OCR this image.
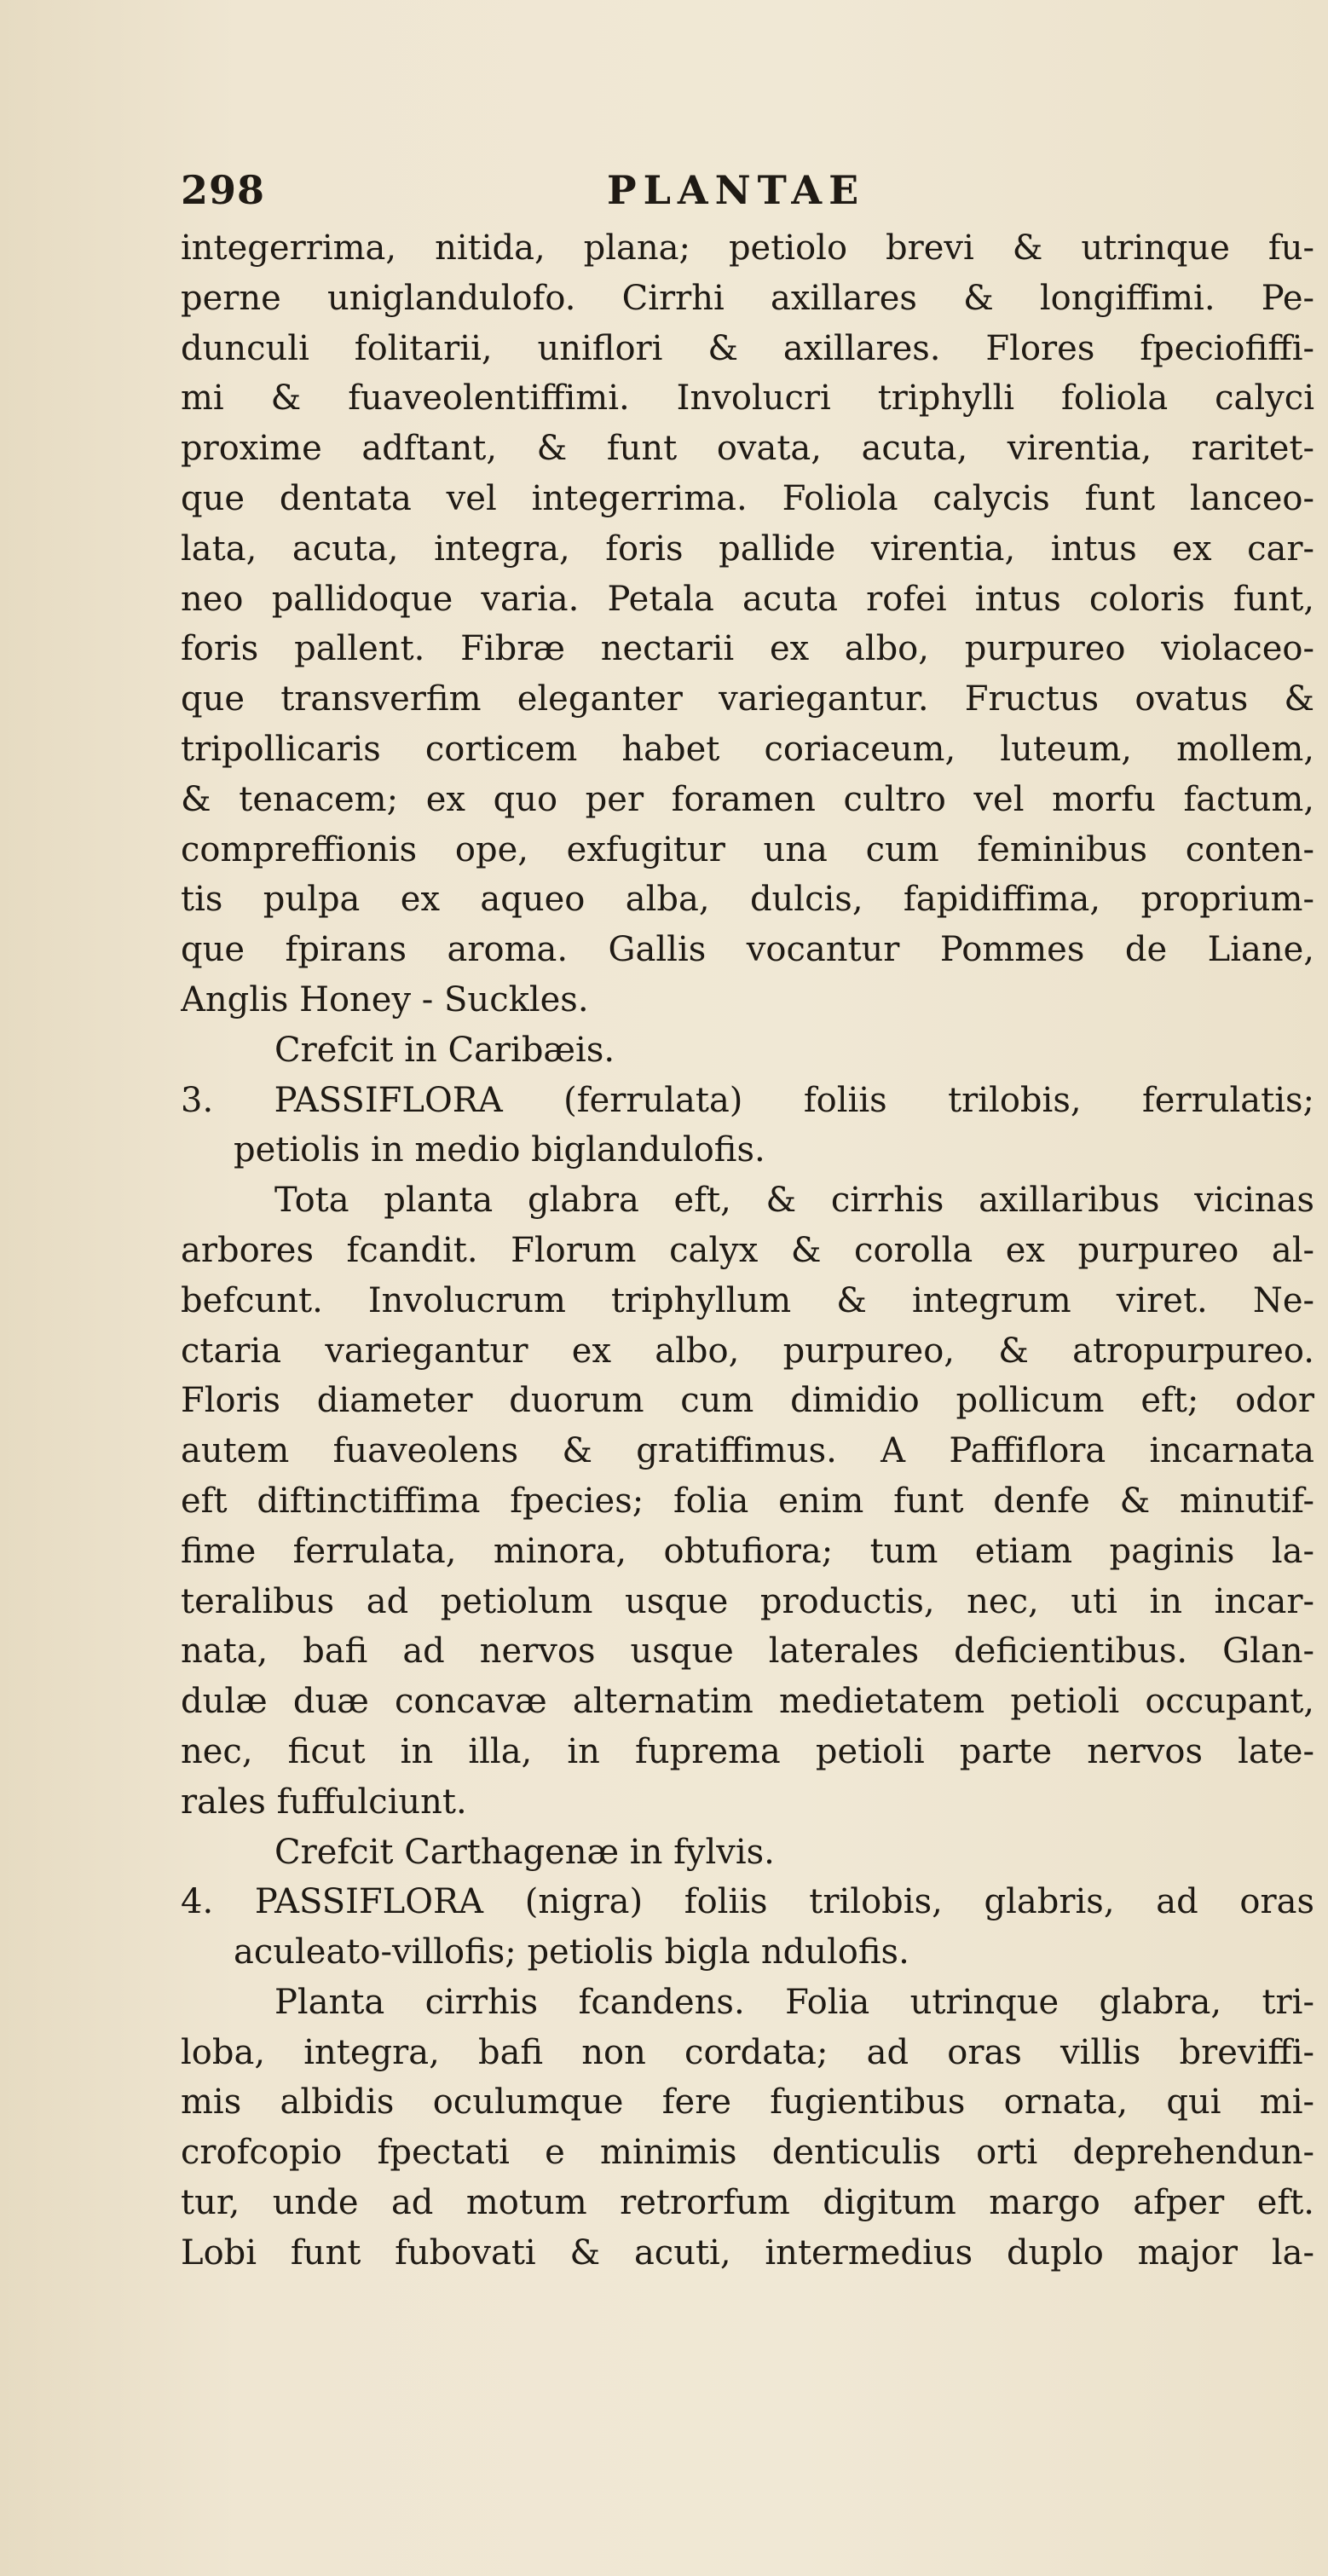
298	PLANTAE
integerrima, nitida, plana; petiolo brevi & utrinque fu-
perne uniglandulofo. Cirrhi axillares & longiffimi. Pe-
dunculi folitarii, uniflori & axillares. Flores fpeciofiffi-
mi & fuaveolentiffimi. Involucri triphylli foliola calyci
proxime adftant, & funt ovata, acuta, virentia, raritet-
que dentata vel integerrima. Foliola calycis funt lanceo-
lata, acuta, integra, foris pallide virentia, intus ex car-
neo pallidoque varia. Petala acuta rofei intus coloris funt,
foris pallent. Fibræ nectarii ex albo, purpureo violaceo-
que transverfim eleganter variegantur. Fructus ovatus &
tripollicaris corticem habet coriaceum, luteum, mollem,
& tenacem; ex quo per foramen cultro vel morfu factum,
compreffionis ope, exfugitur una cum feminibus conten-
tis pulpa ex aqueo alba, dulcis, fapidiffima, proprium-
que fpirans aroma. Gallis vocantur Pommes de Liane,
Anglis Honey - Suckles.
Crefcit in Caribæis.
3. PASSIFLORA (ferrulata) foliis trilobis, ferrulatis;
petiolis in medio biglandulofis.
Tota planta glabra eft, & cirrhis axillaribus vicinas
arbores fcandit. Florum calyx & corolla ex purpureo al-
befcunt. Involucrum triphyllum & integrum viret. Ne-
ctaria variegantur ex albo, purpureo, & atropurpureo.
Floris diameter duorum cum dimidio pollicum eft; odor
autem fuaveolens & gratiffimus. A Paffiflora incarnata
eft diftinctiffima fpecies; folia enim funt denfe & minutif-
fime ferrulata, minora, obtufiora; tum etiam paginis la-
teralibus ad petiolum usque productis, nec, uti in incar-
nata, bafi ad nervos usque laterales deficientibus. Glan-
dulæ duæ concavæ alternatim medietatem petioli occupant,
nec, ficut in illa, in fuprema petioli parte nervos late-
rales fuffulciunt.
Crefcit Carthagenæ in fylvis.
4. PASSIFLORA (nigra) foliis trilobis, glabris, ad oras
aculeato-villofis; petiolis bigla ndulofis.
Planta cirrhis fcandens. Folia utrinque glabra, tri-
loba, integra, bafi non cordata; ad oras villis breviffi-
mis albidis oculumque fere fugientibus ornata, qui mi-
crofcopio fpectati e minimis denticulis orti deprehendun-
tur, unde ad motum retrorfum digitum margo afper eft.
Lobi funt fubovati & acuti, intermedius duplo major la-
